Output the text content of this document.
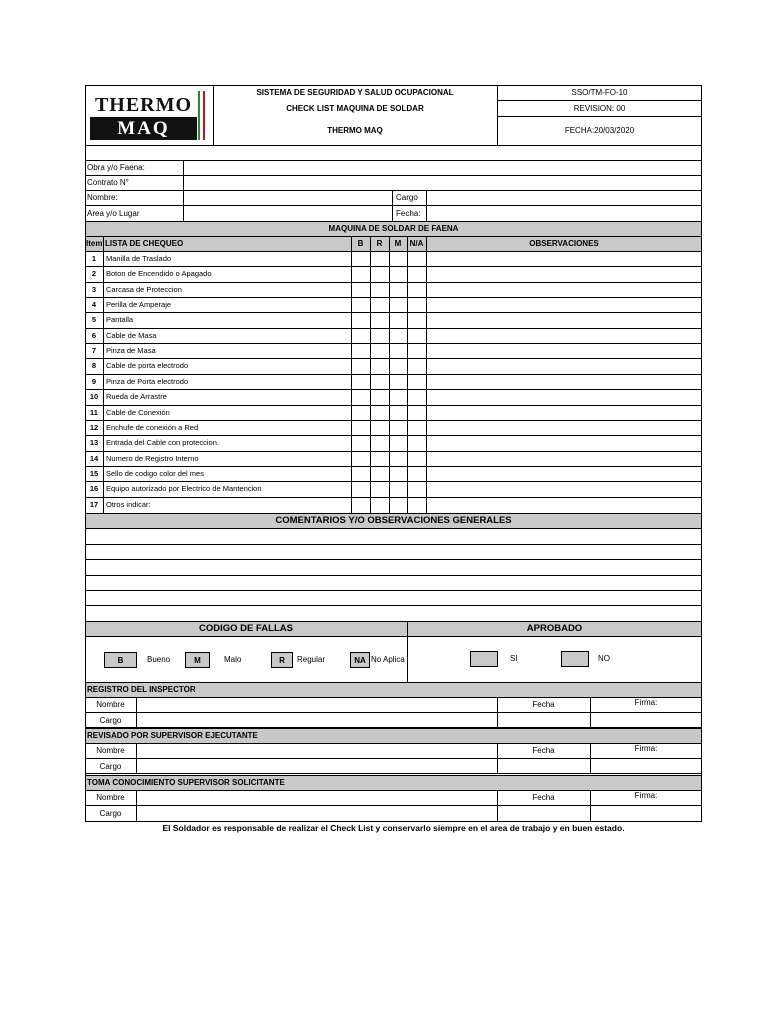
THERMO
MAQ
SISTEMA DE SEGURIDAD Y SALUD OCUPACIONAL
CHECK LIST MAQUINA DE SOLDAR
THERMO MAQ
SSO/TM-FO-10
REVISION: 00
FECHA:20/03/2020
Obra y/o Faena:
Contrato N°
Nombre:
Area y/o Lugar
Cargo
Fecha:
MAQUINA DE SOLDAR DE FAENA
Item LISTA DE CHEQUEO	B	R	M	N/A	OBSERVACIONES
1	Manilla de Traslado
2	Boton de Encendido o Apagado
3	Carcasa de Proteccion
4	Perilla de Amperaje
5	Pantalla
6	Cable de Masa
7	Pinza de Masa
8	Cable de porta electrodo
9	Pinza de Porta electrodo
10	Rueda de Arrastre
11	Cable de Conexión
12	Enchufe de conexión a Red
13	Entrada del Cable con proteccion.
14	Numero de Registro Interno
15	Sello de codigo color del mes
16	Equipo autorizado por Electrico de Mantencion
17	Otros indicar:
COMENTARIOS Y/O OBSERVACIONES GENERALES
CODIGO DE FALLAS	APROBADO
B	Bueno	M	Malo	R	Regular	NA No Aplica	SI	NO
REGISTRO DEL INSPECTOR
Nombre
Cargo
Fecha	Firma:
REVISADO POR SUPERVISOR EJECUTANTE
Nombre
Cargo
Fecha	Firma:
TOMA CONOCIMIENTO SUPERVISOR SOLICITANTE
Nombre
Cargo
Fecha	Firma:
El Soldador es responsable de realizar el Check List y conservarlo siempre en el area de trabajo y en buen estado.
